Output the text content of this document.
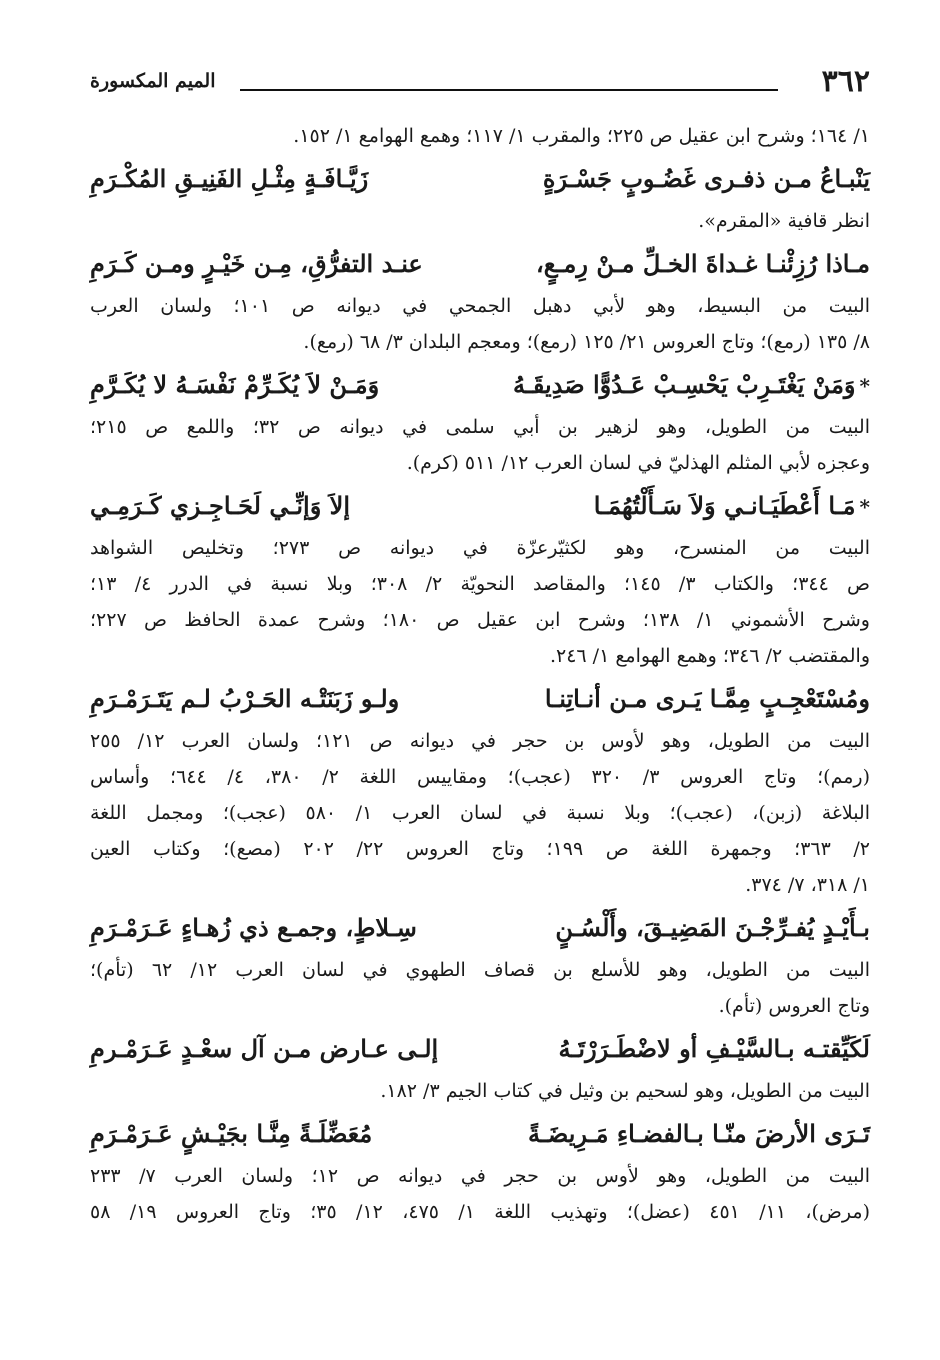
٣٦٢
الميم المكسورة
١/ ١٦٤؛ وشرح ابن عقيل ص ٢٢٥؛ والمقرب ١/ ١١٧؛ وهمع الهوامع ١/ ١٥٢.
يَنْبـاعُ مـن ذفـرى غَضُـوبٍ جَسْـرَةٍ
زَيَّـافَـةٍ مِثْـلِ الفَنِيـقِ المُكْـرَمِ
انظر قافية «المقرم».
مـاذا رُزِئْنـا غـداةَ الخـلِّ مـنْ رِمـعٍ،
عنـد التفرُّقِ، مِـن خَيْـرٍ ومـن كَـرَمِ
البيت من البسيط، وهو لأبي دهبل الجمحي في ديوانه ص ١٠١؛ ولسان العرب
٨/ ١٣٥ (رمع)؛ وتاج العروس ٢١/ ١٢٥ (رمع)؛ ومعجم البلدان ٣/ ٦٨ (رمع).
*وَمَنْ يَغْتَـرِبْ يَحْسِـبْ عَـدُوًّا صَدِيقَـهُ
وَمَـنْ لاَ يُكَـرِّمْ نَفْسَـهُ لا يُكَـرَّمِ
البيت من الطويل، وهو لزهير بن أبي سلمى في ديوانه ص ٣٢؛ واللمع ص ٢١٥؛
وعجزه لأبي المثلم الهذليّ في لسان العرب ١٢/ ٥١١ (كرم).
*مَـا أَعْطَيَـانـي وَلاَ سَـأَلْتُهُمَـا
إلاَ وَإنِّـي لَحَـاجِـزي كَـرَمِـي
البيت من المنسرح، وهو لكثيّرعزّة في ديوانه ص ٢٧٣؛ وتخليص الشواهد
ص ٣٤٤؛ والكتاب ٣/ ١٤٥؛ والمقاصد النحويّة ٢/ ٣٠٨؛ وبلا نسبة في الدرر ٤/ ١٣؛
وشرح الأشموني ١/ ١٣٨؛ وشرح ابن عقيل ص ١٨٠؛ وشرح عمدة الحافظ ص ٢٢٧؛
والمقتضب ٢/ ٣٤٦؛ وهمع الهوامع ١/ ٢٤٦.
ومُسْتَعْجِـبٍ مِمَّـا يَـرى مـن أنـاتِنـا
ولـو زَبَنَتْـه الحَـرْبُ لـم يَتَـرَمْـرَمِ
البيت من الطويل، وهو لأوس بن حجر في ديوانه ص ١٢١؛ ولسان العرب ١٢/ ٢٥٥
(رمم)؛ وتاج العروس ٣/ ٣٢٠ (عجب)؛ ومقاييس اللغة ٢/ ٣٨٠، ٤/ ٦٤٤؛ وأساس
البلاغة (زبن)، (عجب)؛ وبلا نسبة في لسان العرب ١/ ٥٨٠ (عجب)؛ ومجمل اللغة
٢/ ٣٦٣؛ وجمهرة اللغة ص ١٩٩؛ وتاج العروس ٢٢/ ٢٠٢ (مصع)؛ وكتاب العين
١/ ٣١٨، ٧/ ٣٧٤.
بـأَيْـدٍ يُفـرِّجْـنَ المَضِيـقَ، وأَلْسُـنٍ
سِـلاطٍ، وجمـع ذي زُهـاءٍ عَـرَمْـرَمِ
البيت من الطويل، وهو للأسلع بن قصاف الطهوي في لسان العرب ١٢/ ٦٢ (تأم)؛
وتاج العروس (تأم).
لَكَيِّقتـه بـالسَّيْـفِ أو لاضْطَـرَرْتَـهُ
إلـى عـارض مـن آل سعْـدٍ عَـرَمْـرمِ
البيت من الطويل، وهو لسحيم بن وثيل في كتاب الجيم ٣/ ١٨٢.
تَـرَى الأرضَ منّـا بـالفضـاءِ مَـرِيضَـةً
مُعَضِّلَـةً مِنَّـا بجَيْـشٍ عَـرَمْـرَمِ
البيت من الطويل، وهو لأوس بن حجر في ديوانه ص ١٢؛ ولسان العرب ٧/ ٢٣٣
(مرض)، ١١/ ٤٥١ (عضل)؛ وتهذيب اللغة ١/ ٤٧٥، ١٢/ ٣٥؛ وتاج العروس ١٩/ ٥٨
